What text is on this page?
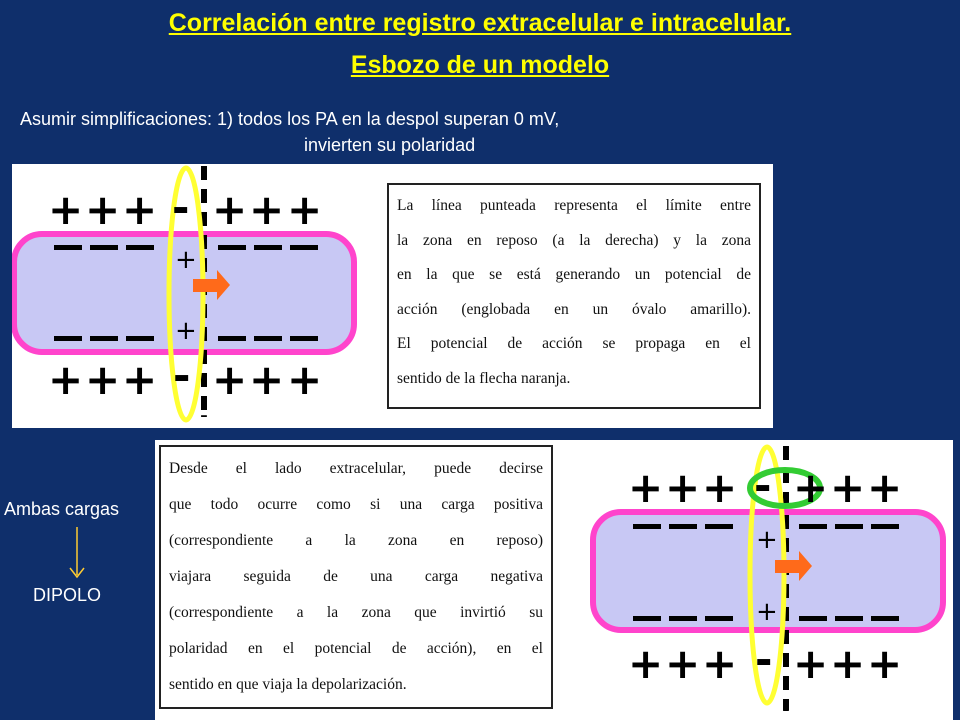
Correlación entre registro extracelular e intracelular.
Esbozo de un modelo
Asumir simplificaciones: 1) todos los PA en la despol superan 0 mV,
invierten su polaridad
+ + + - + + +
+ + + - + + +
-
+
+

La línea punteada representa el límite entre
la zona en reposo (a la derecha) y la zona
en la que se está generando un potencial de
acción (englobada en un óvalo amarillo).
El potencial de acción se propaga en el
sentido de la flecha naranja.

Ambas cargas
DIPOLO

Desde el lado extracelular, puede decirse
que todo ocurre como si una carga positiva
(correspondiente a la zona en reposo)
viajara seguida de una carga negativa
(correspondiente a la zona que invirtió su
polaridad en el potencial de acción), en el
sentido en que viaja la depolarización.

+ + + - + + +
+ + + - + + +
-
+
+
